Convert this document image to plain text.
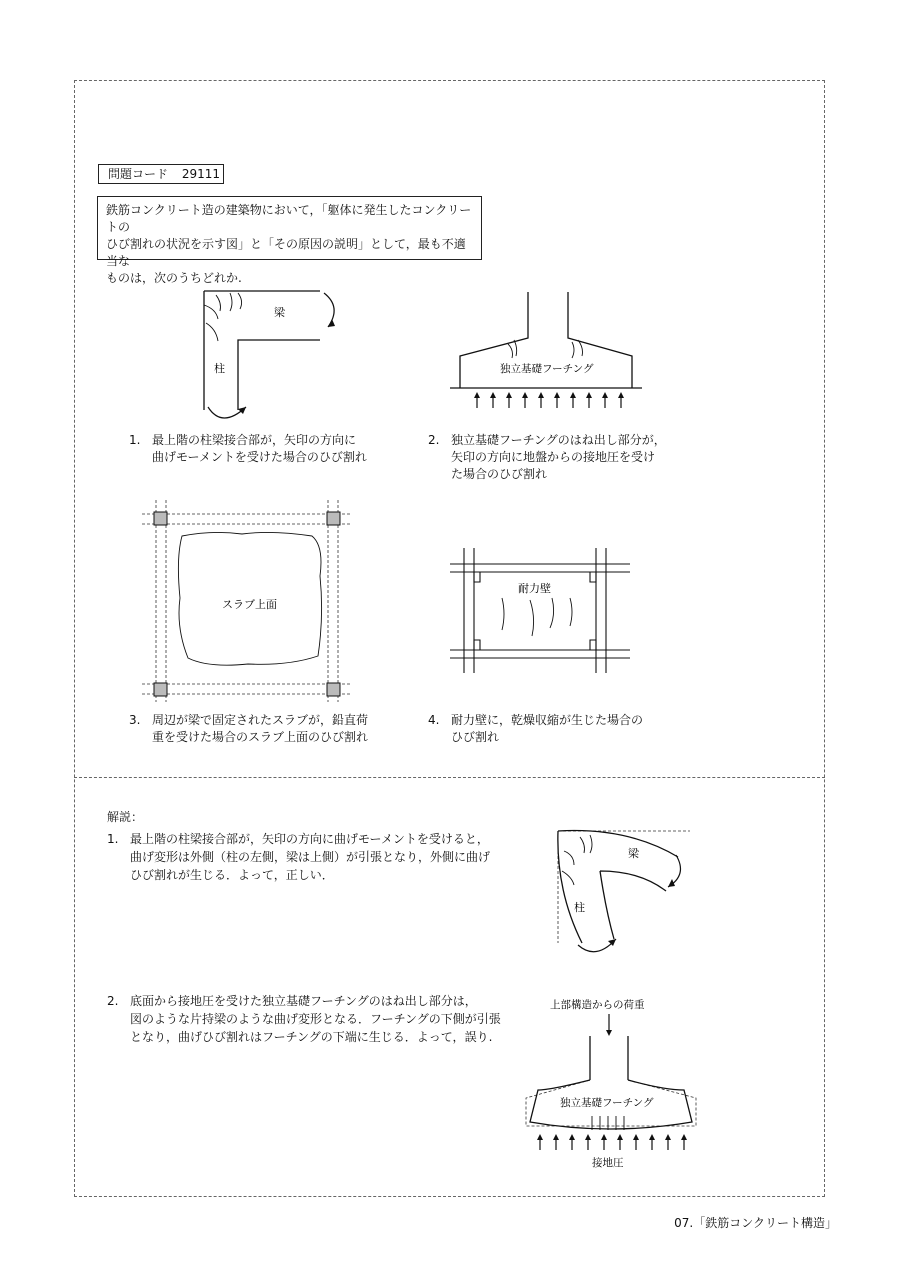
問題コード 29111
鉄筋コンクリート造の建築物において，「躯体に発生したコンクリートの
ひび割れの状況を示す図」と「その原因の説明」として，最も不適当な
ものは，次のうちどれか.
梁
柱	独立基礎フーチング
1. 最上階の柱梁接合部が，矢印の方向に
曲げモーメントを受けた場合のひび割れ
2. 独立基礎フーチングのはね出し部分が，
矢印の方向に地盤からの接地圧を受け
た場合のひび割れ
スラブ上面
耐力壁
3. 周辺が梁で固定されたスラブが，鉛直荷
重を受けた場合のスラブ上面のひび割れ
4. 耐力壁に，乾燥収縮が生じた場合の
ひび割れ
解説：
1. 最上階の柱梁接合部が，矢印の方向に曲げモーメントを受けると，
曲げ変形は外側（柱の左側，梁は上側）が引張となり，外側に曲げ
ひび割れが生じる．よって，正しい．
梁
柱
2. 底面から接地圧を受けた独立基礎フーチングのはね出し部分は，
図のような片持梁のような曲げ変形となる．フーチングの下側が引張
となり，曲げひび割れはフーチングの下端に生じる．よって，誤り.
上部構造からの荷重
独立基礎フーチング
接地圧
07.「鉄筋コンクリート構造」
